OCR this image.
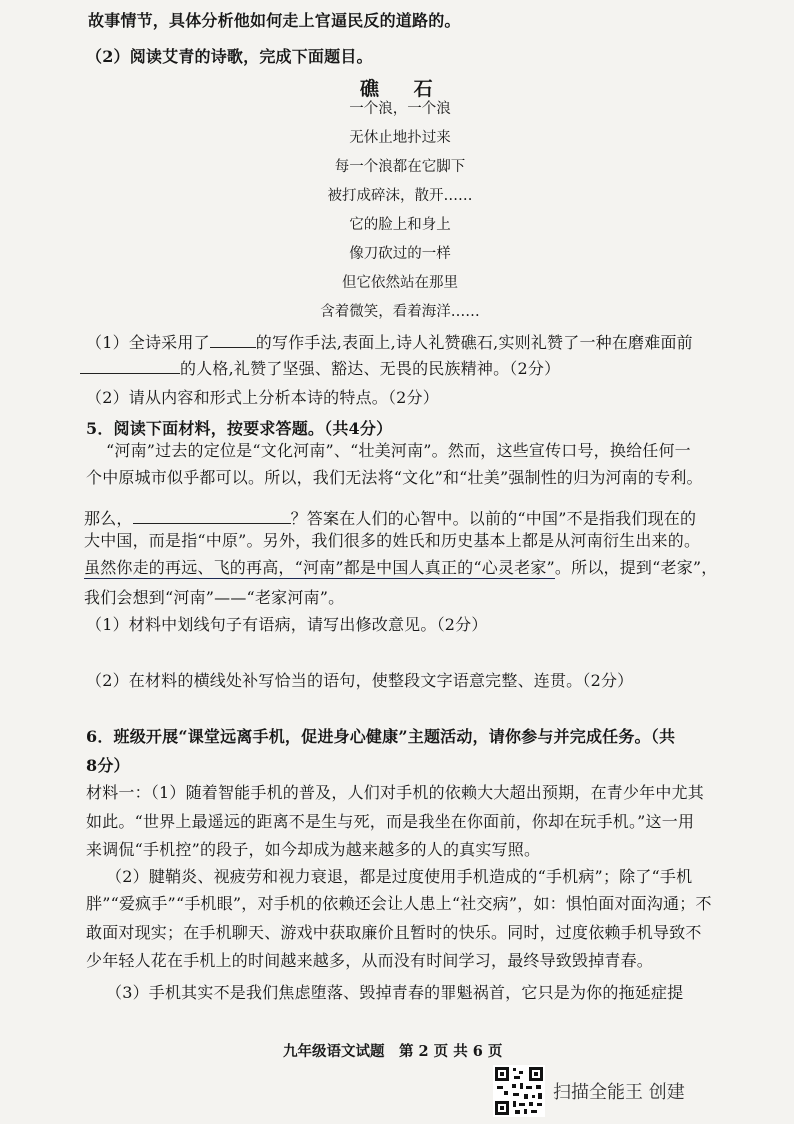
故事情节，具体分析他如何走上官逼民反的道路的。
（2）阅读艾青的诗歌，完成下面题目。
礁 石
一个浪，一个浪
无休止地扑过来
每一个浪都在它脚下
被打成碎沫，散开……
它的脸上和身上
像刀砍过的一样
但它依然站在那里
含着微笑，看着海洋……
（1）全诗采用了	的写作手法,表面上,诗人礼赞礁石,实则礼赞了一种在磨难面前
的人格,礼赞了坚强、豁达、无畏的民族精神。（2分）
（2）请从内容和形式上分析本诗的特点。（2分）
5．阅读下面材料，按要求答题。（共4分）
“河南”过去的定位是“文化河南”、“壮美河南”。然而，这些宣传口号，换给任何一
个中原城市似乎都可以。所以，我们无法将“文化”和“壮美”强制性的归为河南的专利。
那么，	？答案在人们的心智中。以前的“中国”不是指我们现在的
大中国，而是指“中原”。另外，我们很多的姓氏和历史基本上都是从河南衍生出来的。
虽然你走的再远、飞的再高，“河南”都是中国人真正的“心灵老家”。所以，提到“老家”，
我们会想到“河南”——“老家河南”。
（1）材料中划线句子有语病，请写出修改意见。（2分）
（2）在材料的横线处补写恰当的语句，使整段文字语意完整、连贯。（2分）
6．班级开展“课堂远离手机，促进身心健康”主题活动，请你参与并完成任务。（共
8分）
材料一：（1）随着智能手机的普及，人们对手机的依赖大大超出预期，在青少年中尤其
如此。“世界上最遥远的距离不是生与死，而是我坐在你面前，你却在玩手机。”这一用
来调侃“手机控”的段子，如今却成为越来越多的人的真实写照。
（2）腱鞘炎、视疲劳和视力衰退，都是过度使用手机造成的“手机病”；除了“手机
胖”“爱疯手”“手机眼”，对手机的依赖还会让人患上“社交病”，如：惧怕面对面沟通；不
敢面对现实；在手机聊天、游戏中获取廉价且暂时的快乐。同时，过度依赖手机导致不
少年轻人花在手机上的时间越来越多，从而没有时间学习，最终导致毁掉青春。
（3）手机其实不是我们焦虑堕落、毁掉青春的罪魁祸首，它只是为你的拖延症提
九年级语文试题　第 2 页 共 6 页
扫描全能王 创建
